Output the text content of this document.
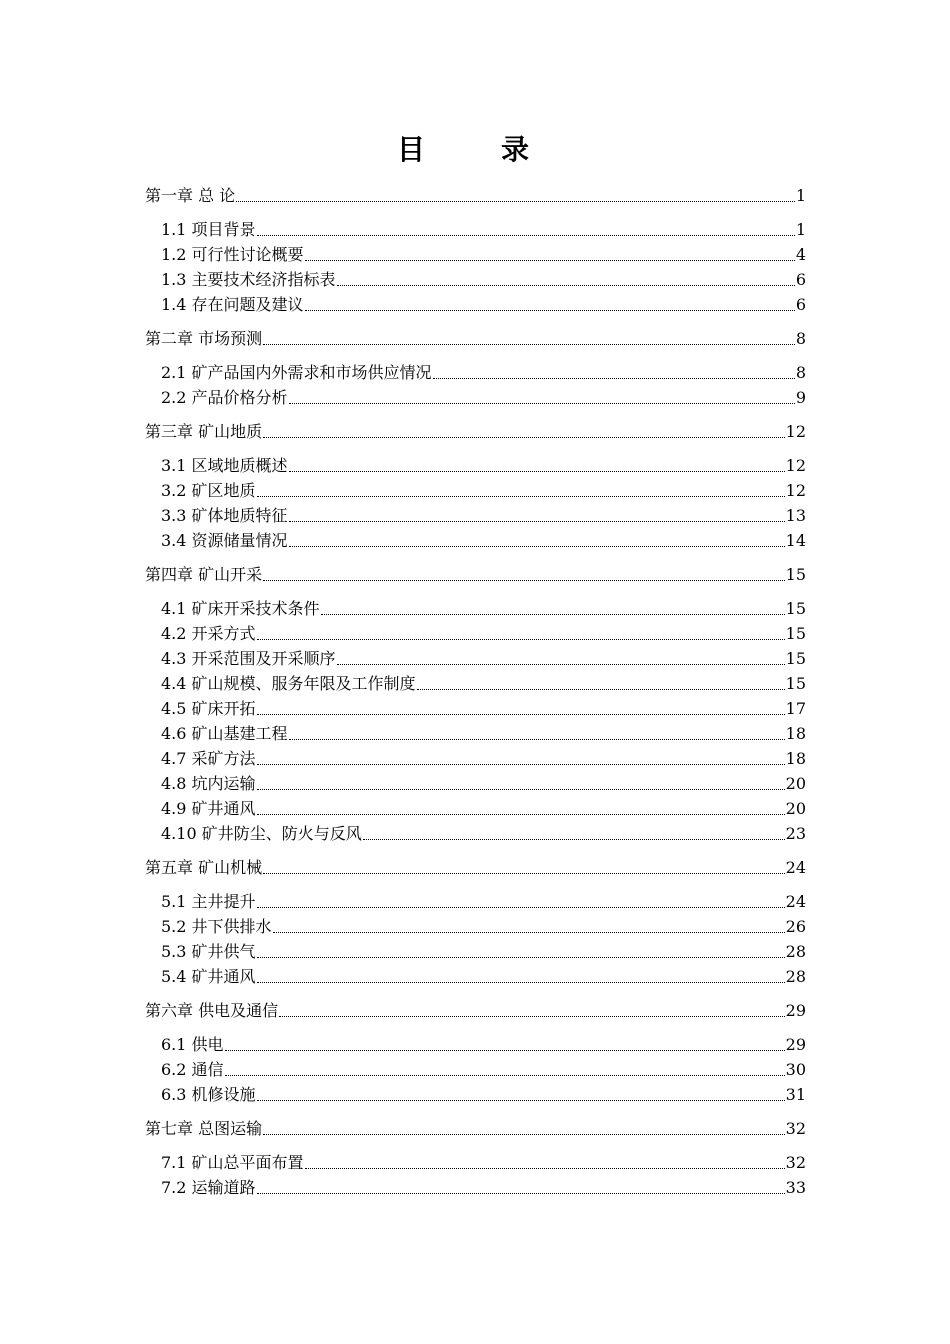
目　录
第一章 总 论	1
1.1 项目背景	1
1.2 可行性讨论概要	4
1.3 主要技术经济指标表	6
1.4 存在问题及建议	6
第二章 市场预测	8
2.1 矿产品国内外需求和市场供应情况	8
2.2 产品价格分析	9
第三章 矿山地质	12
3.1 区域地质概述	12
3.2 矿区地质	12
3.3 矿体地质特征	13
3.4 资源储量情况	14
第四章 矿山开采	15
4.1 矿床开采技术条件	15
4.2 开采方式	15
4.3 开采范围及开采顺序	15
4.4 矿山规模、服务年限及工作制度	15
4.5 矿床开拓	17
4.6 矿山基建工程	18
4.7 采矿方法	18
4.8 坑内运输	20
4.9 矿井通风	20
4.10 矿井防尘、防火与反风	23
第五章 矿山机械	24
5.1 主井提升	24
5.2 井下供排水	26
5.3 矿井供气	28
5.4 矿井通风	28
第六章 供电及通信	29
6.1 供电	29
6.2 通信	30
6.3 机修设施	31
第七章 总图运输	32
7.1 矿山总平面布置	32
7.2 运输道路	33
